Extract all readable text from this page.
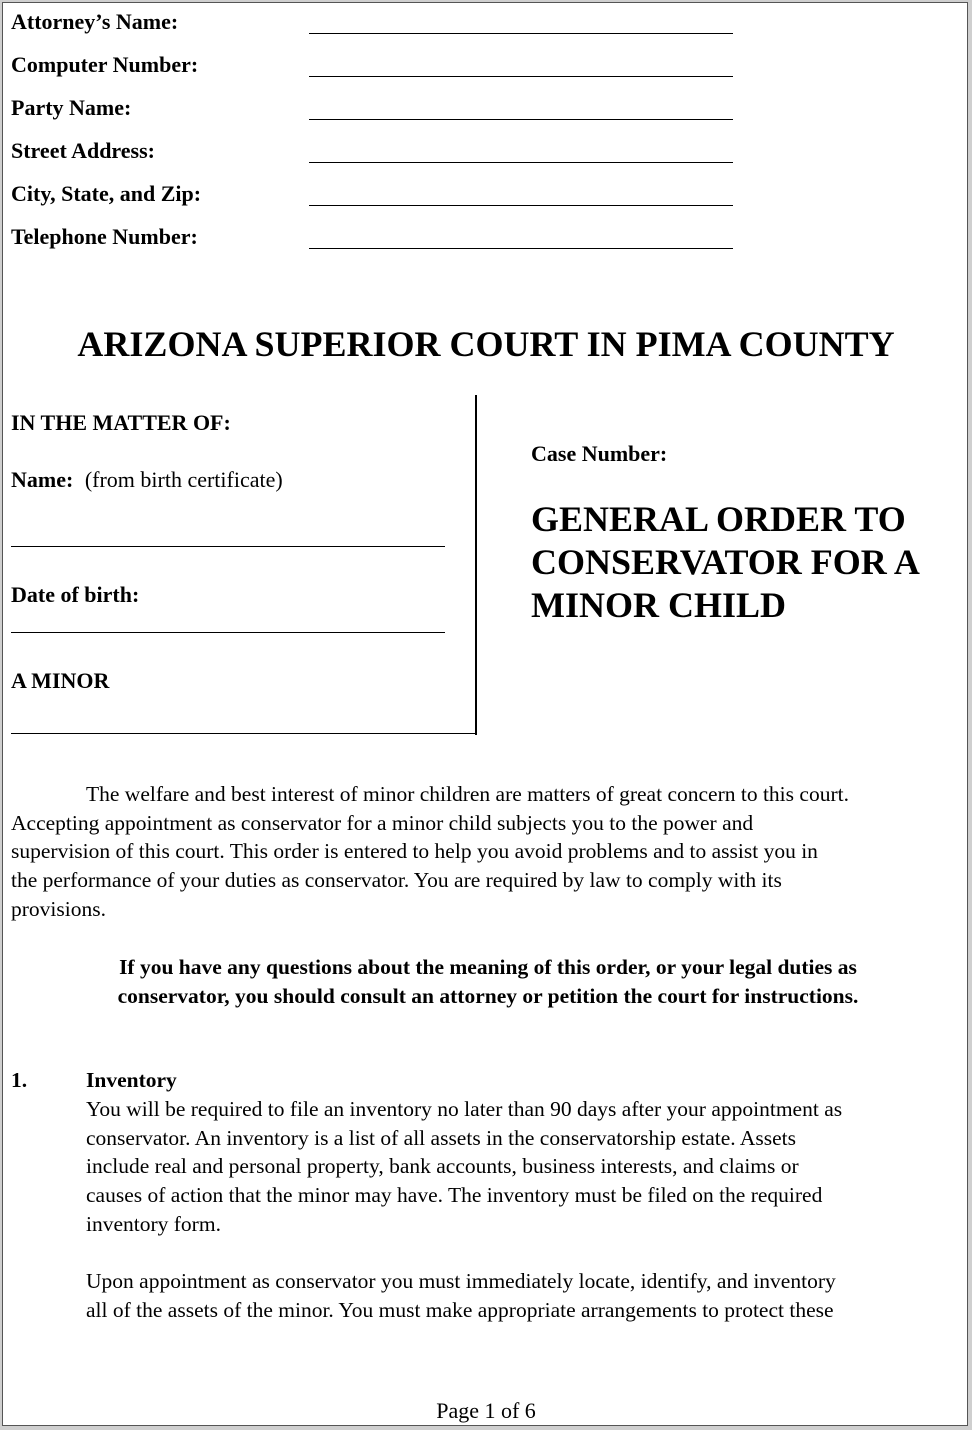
Attorney’s Name:
Computer Number:
Party Name:
Street Address:
City, State, and Zip:
Telephone Number:
ARIZONA SUPERIOR COURT IN PIMA COUNTY
IN THE MATTER OF:
Name: (from birth certificate)
Date of birth:
A MINOR
Case Number:
GENERAL ORDER TO CONSERVATOR FOR A MINOR CHILD
The welfare and best interest of minor children are matters of great concern to this court.
Accepting appointment as conservator for a minor child subjects you to the power and
supervision of this court. This order is entered to help you avoid problems and to assist you in
the performance of your duties as conservator. You are required by law to comply with its
provisions.
If you have any questions about the meaning of this order, or your legal duties as
conservator, you should consult an attorney or petition the court for instructions.
1.	Inventory
You will be required to file an inventory no later than 90 days after your appointment as
conservator. An inventory is a list of all assets in the conservatorship estate. Assets
include real and personal property, bank accounts, business interests, and claims or
causes of action that the minor may have. The inventory must be filed on the required
inventory form.
Upon appointment as conservator you must immediately locate, identify, and inventory
all of the assets of the minor. You must make appropriate arrangements to protect these
Page 1 of 6
